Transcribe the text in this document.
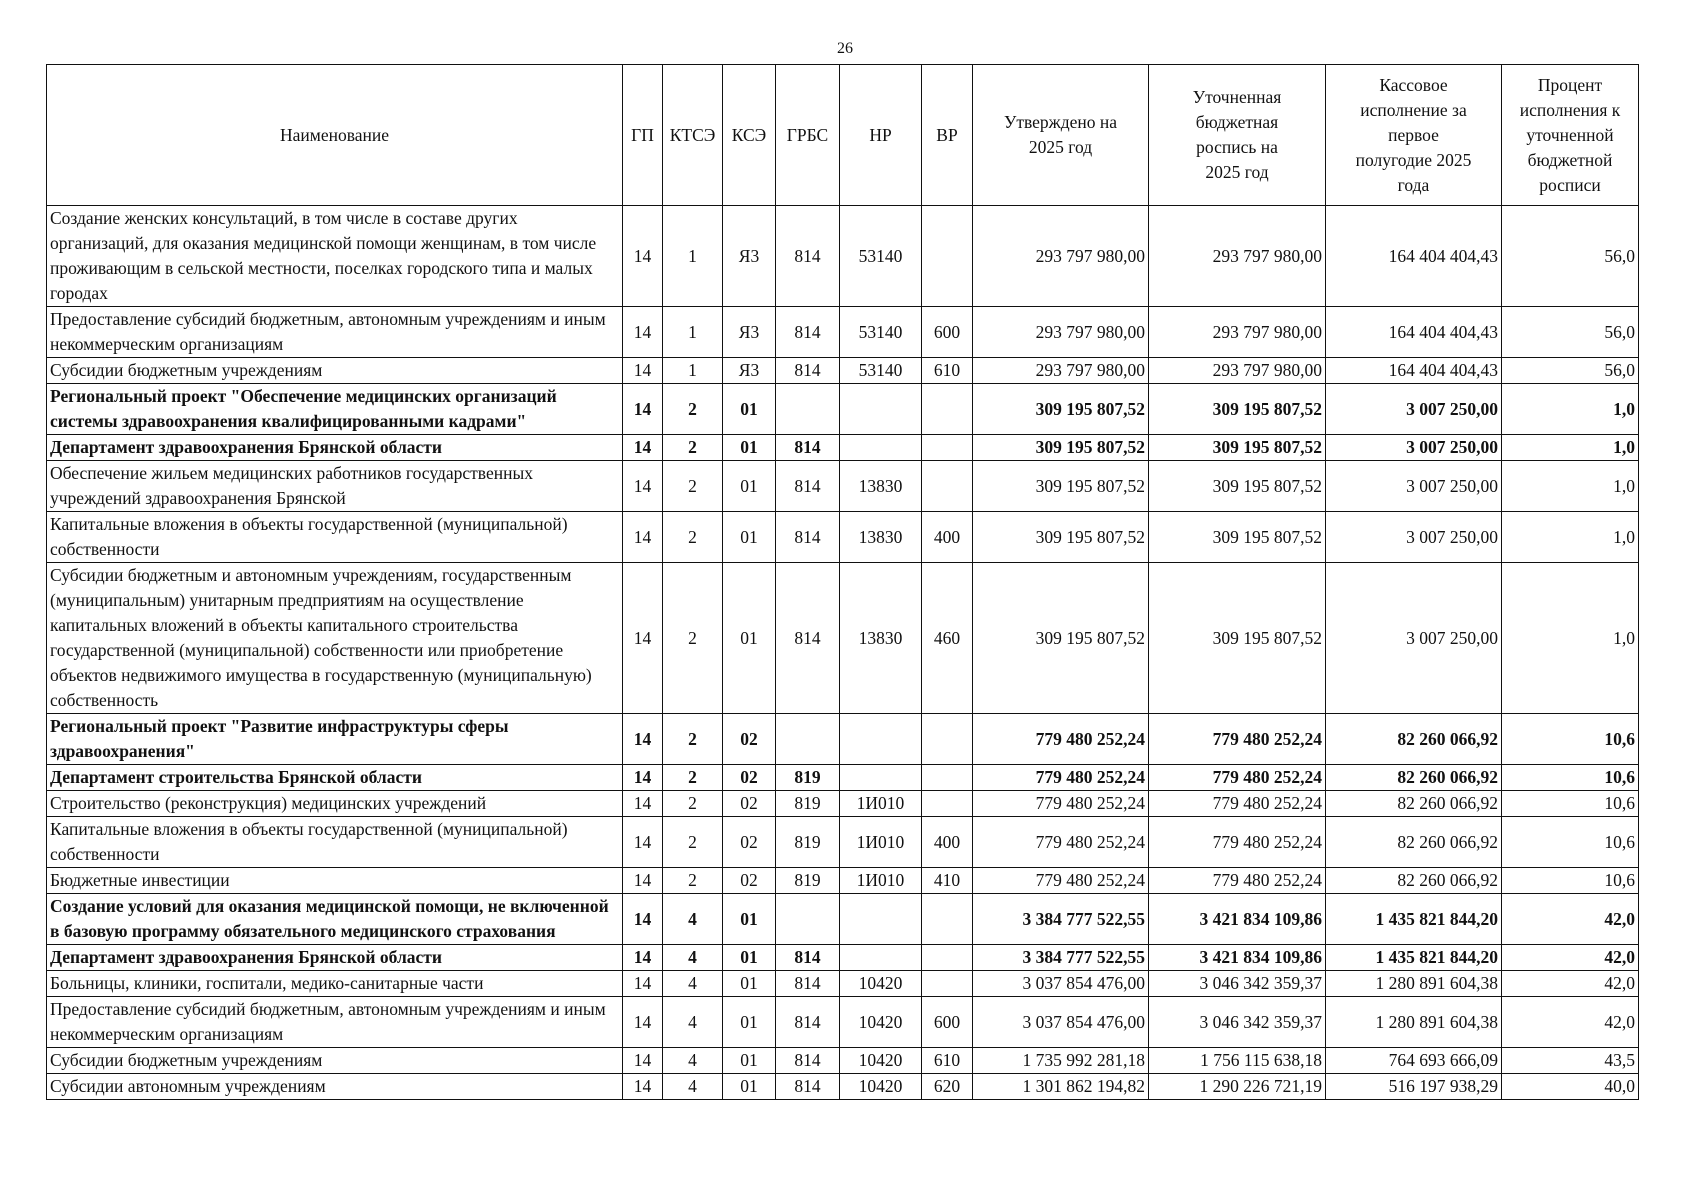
26
Наименование	ГП	КТСЭ	КСЭ	ГРБС	НР	ВР	Утверждено на 2025 год	Уточненная бюджетная роспись на 2025 год	Кассовое исполнение за первое полугодие 2025 года	Процент исполнения к уточненной бюджетной росписи
Создание женских консультаций, в том числе в составе других организаций, для оказания медицинской помощи женщинам, в том числе проживающим в сельской местности, поселках городского типа и малых городах	14	1	Я3	814	53140		293 797 980,00	293 797 980,00	164 404 404,43	56,0
Предоставление субсидий бюджетным, автономным учреждениям и иным некоммерческим организациям	14	1	Я3	814	53140	600	293 797 980,00	293 797 980,00	164 404 404,43	56,0
Субсидии бюджетным учреждениям	14	1	Я3	814	53140	610	293 797 980,00	293 797 980,00	164 404 404,43	56,0
Региональный проект "Обеспечение медицинских организаций системы здравоохранения квалифицированными кадрами"	14	2	01				309 195 807,52	309 195 807,52	3 007 250,00	1,0
Департамент здравоохранения Брянской области	14	2	01	814			309 195 807,52	309 195 807,52	3 007 250,00	1,0
Обеспечение жильем медицинских работников государственных учреждений здравоохранения Брянской	14	2	01	814	13830		309 195 807,52	309 195 807,52	3 007 250,00	1,0
Капитальные вложения в объекты государственной (муниципальной) собственности	14	2	01	814	13830	400	309 195 807,52	309 195 807,52	3 007 250,00	1,0
Субсидии бюджетным и автономным учреждениям, государственным (муниципальным) унитарным предприятиям на осуществление капитальных вложений в объекты капитального строительства государственной (муниципальной) собственности или приобретение объектов недвижимого имущества в государственную (муниципальную) собственность	14	2	01	814	13830	460	309 195 807,52	309 195 807,52	3 007 250,00	1,0
Региональный проект "Развитие инфраструктуры сферы здравоохранения"	14	2	02				779 480 252,24	779 480 252,24	82 260 066,92	10,6
Департамент строительства Брянской области	14	2	02	819			779 480 252,24	779 480 252,24	82 260 066,92	10,6
Строительство (реконструкция) медицинских учреждений	14	2	02	819	1И010		779 480 252,24	779 480 252,24	82 260 066,92	10,6
Капитальные вложения в объекты государственной (муниципальной) собственности	14	2	02	819	1И010	400	779 480 252,24	779 480 252,24	82 260 066,92	10,6
Бюджетные инвестиции	14	2	02	819	1И010	410	779 480 252,24	779 480 252,24	82 260 066,92	10,6
Создание условий для оказания медицинской помощи, не включенной в базовую программу обязательного медицинского страхования	14	4	01				3 384 777 522,55	3 421 834 109,86	1 435 821 844,20	42,0
Департамент здравоохранения Брянской области	14	4	01	814			3 384 777 522,55	3 421 834 109,86	1 435 821 844,20	42,0
Больницы, клиники, госпитали, медико-санитарные части	14	4	01	814	10420		3 037 854 476,00	3 046 342 359,37	1 280 891 604,38	42,0
Предоставление субсидий бюджетным, автономным учреждениям и иным некоммерческим организациям	14	4	01	814	10420	600	3 037 854 476,00	3 046 342 359,37	1 280 891 604,38	42,0
Субсидии бюджетным учреждениям	14	4	01	814	10420	610	1 735 992 281,18	1 756 115 638,18	764 693 666,09	43,5
Субсидии автономным учреждениям	14	4	01	814	10420	620	1 301 862 194,82	1 290 226 721,19	516 197 938,29	40,0
